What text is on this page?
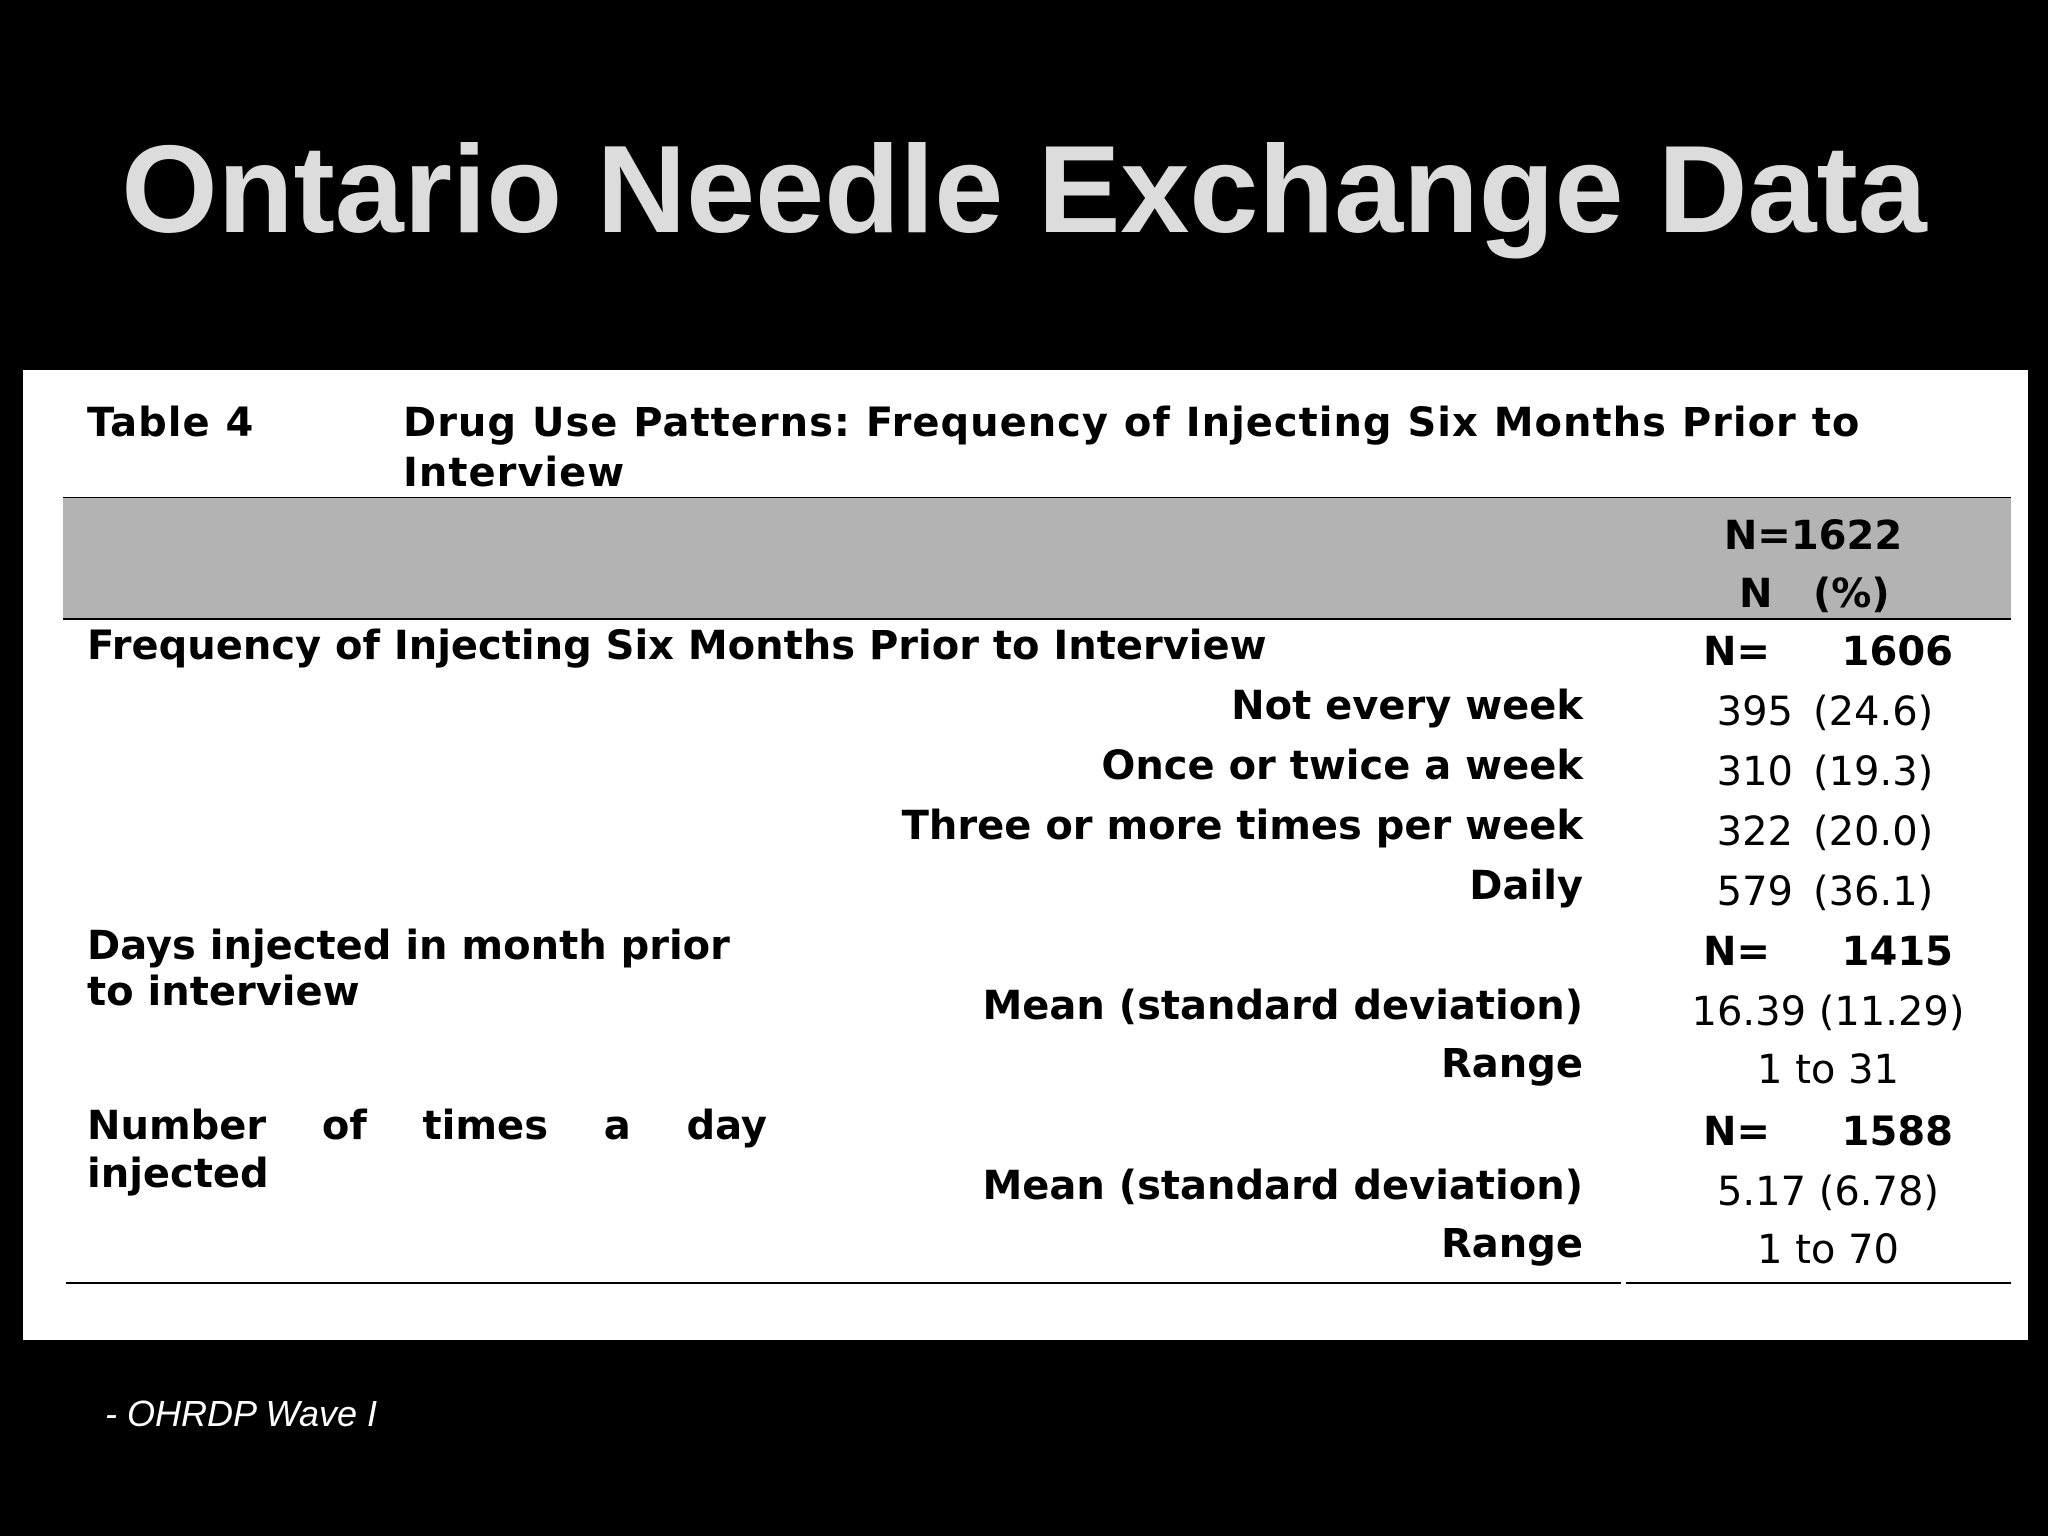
Ontario Needle Exchange Data
Table 4	Drug Use Patterns: Frequency of Injecting Six Months Prior to
Interview
N=1622
N (%)
Frequency of Injecting Six Months Prior to Interview	N=	1606
Not every week	395 (24.6)
Once or twice a week	310 (19.3)
Three or more times per week	322 (20.0)
Daily	579 (36.1)
Days injected in month prior
to interview
N=	1415
Mean (standard deviation)	16.39 (11.29)
Range	1 to 31
Number of times a day
injected
N=	1588
Mean (standard deviation)	5.17 (6.78)
Range	1 to 70
- OHRDP Wave I
